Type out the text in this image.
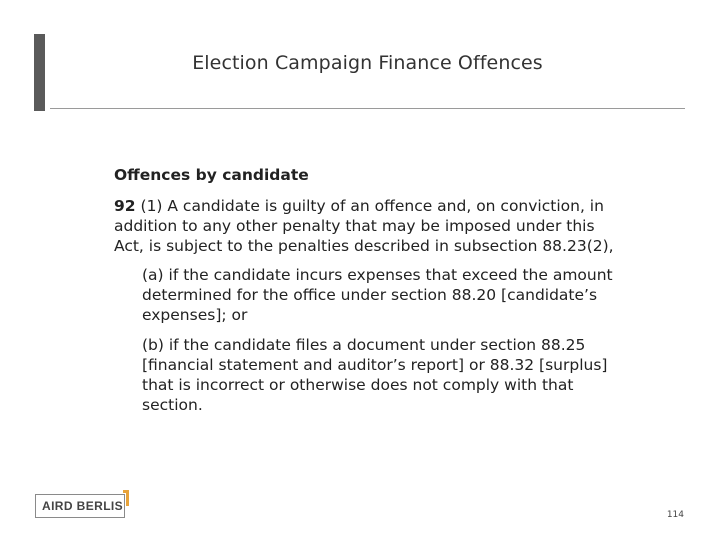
Election Campaign Finance Offences
Offences by candidate

92 (1) A candidate is guilty of an offence and, on conviction, in addition to any other penalty that may be imposed under this Act, is subject to the penalties described in subsection 88.23(2),

(a) if the candidate incurs expenses that exceed the amount determined for the office under section 88.20 [candidate’s expenses]; or

(b) if the candidate files a document under section 88.25 [financial statement and auditor’s report] or 88.32 [surplus] that is incorrect or otherwise does not comply with that section.

AIRD BERLIS
114
